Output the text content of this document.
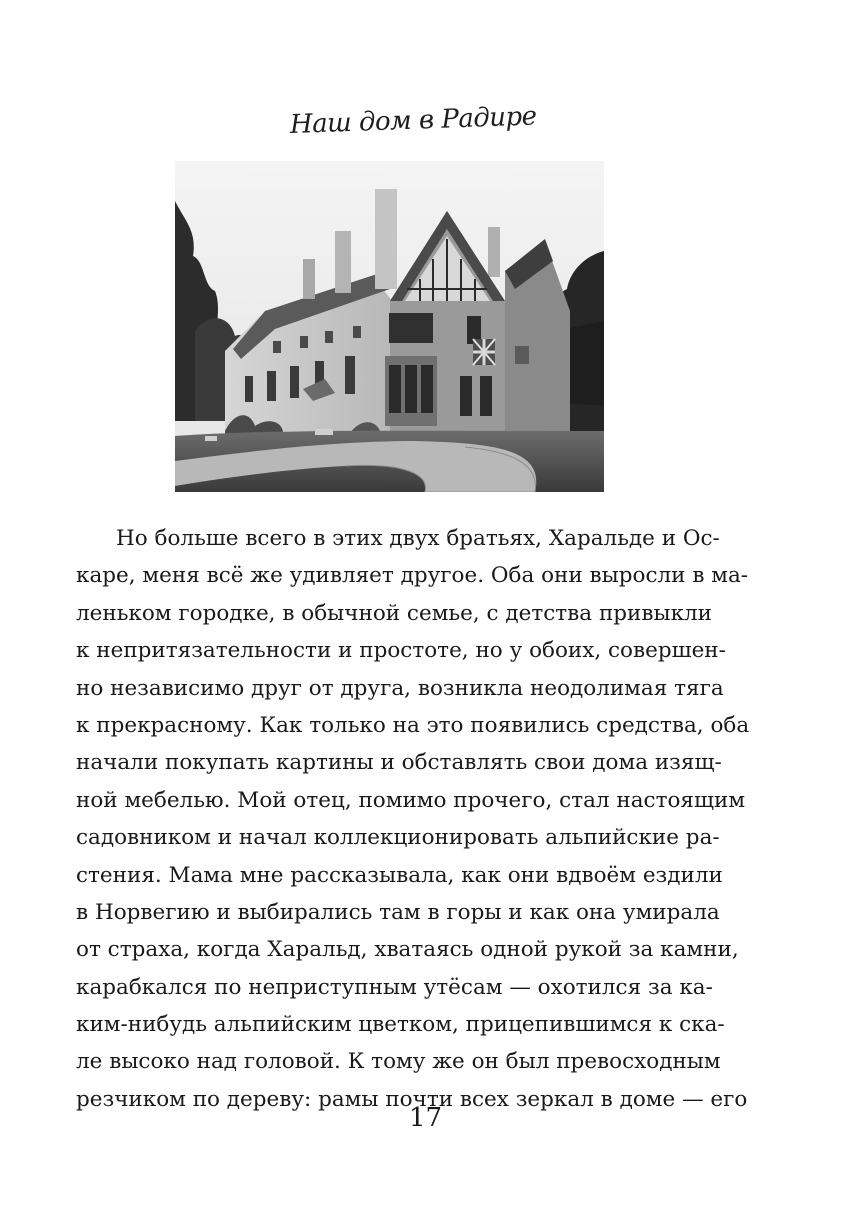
Наш дом в Радире
Но больше всего в этих двух братьях, Харальде и Ос-
каре, меня всё же удивляет другое. Оба они выросли в ма-
леньком городке, в обычной семье, с детства привыкли
к непритязательности и простоте, но у обоих, совершен-
но независимо друг от друга, возникла неодолимая тяга
к прекрасному. Как только на это появились средства, оба
начали покупать картины и обставлять свои дома изящ-
ной мебелью. Мой отец, помимо прочего, стал настоящим
садовником и начал коллекционировать альпийские ра-
стения. Мама мне рассказывала, как они вдвоём ездили
в Норвегию и выбирались там в горы и как она умирала
от страха, когда Харальд, хватаясь одной рукой за камни,
карабкался по неприступным утёсам — охотился за ка-
ким-нибудь альпийским цветком, прицепившимся к ска-
ле высоко над головой. К тому же он был превосходным
резчиком по дереву: рамы почти всех зеркал в доме — его
17
